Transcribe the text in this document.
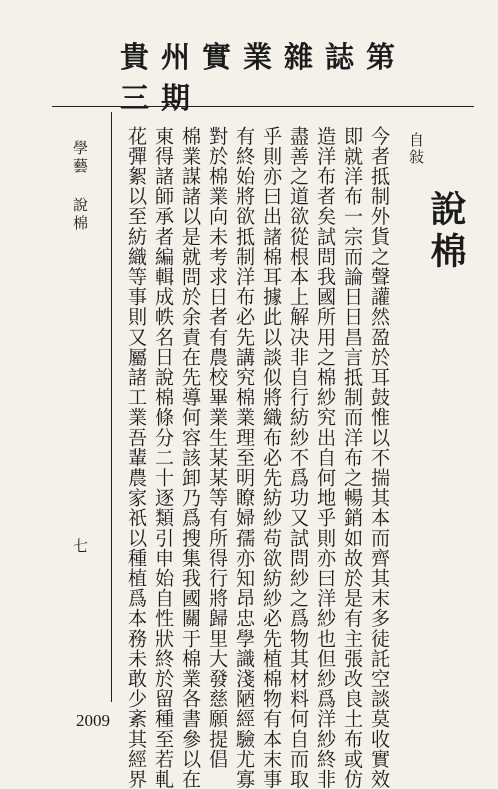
貴州實業雜誌第三期
說棉
自敍
今者抵制外貨之聲讙然盈於耳鼓惟以不揣其本而齊其末多徒託空談莫收實效
即就洋布一宗而論日日昌言抵制而洋布之暢銷如故於是有主張改良土布或仿
造洋布者矣試問我國所用之棉紗究出自何地乎則亦曰洋紗也但紗爲洋紗終非
盡善之道欲從根本上解决非自行紡紗不爲功又試問紗之爲物其材料何自而取
乎則亦曰出諸棉耳據此以談似將織布必先紡紗苟欲紡紗必先植棉物有本末事
有終始將欲抵制洋布必先講究棉業理至明瞭婦孺亦知昂忠學識淺陋經驗尤寡
對於棉業向未考求日者有農校畢業生某某等有所得行將歸里大發慈願提倡
棉業謀諸以是就問於余責在先導何容該卸乃爲搜集我國關于棉業各書參以在
東得諸師承者編輯成帙名日說棉條分二十逐類引申始自性狀終於留種至若軋
花彈絮以至紡織等事則又屬諸工業吾輩農家祇以種植爲本務未敢少紊其經界
學藝 說棉
七
2009
